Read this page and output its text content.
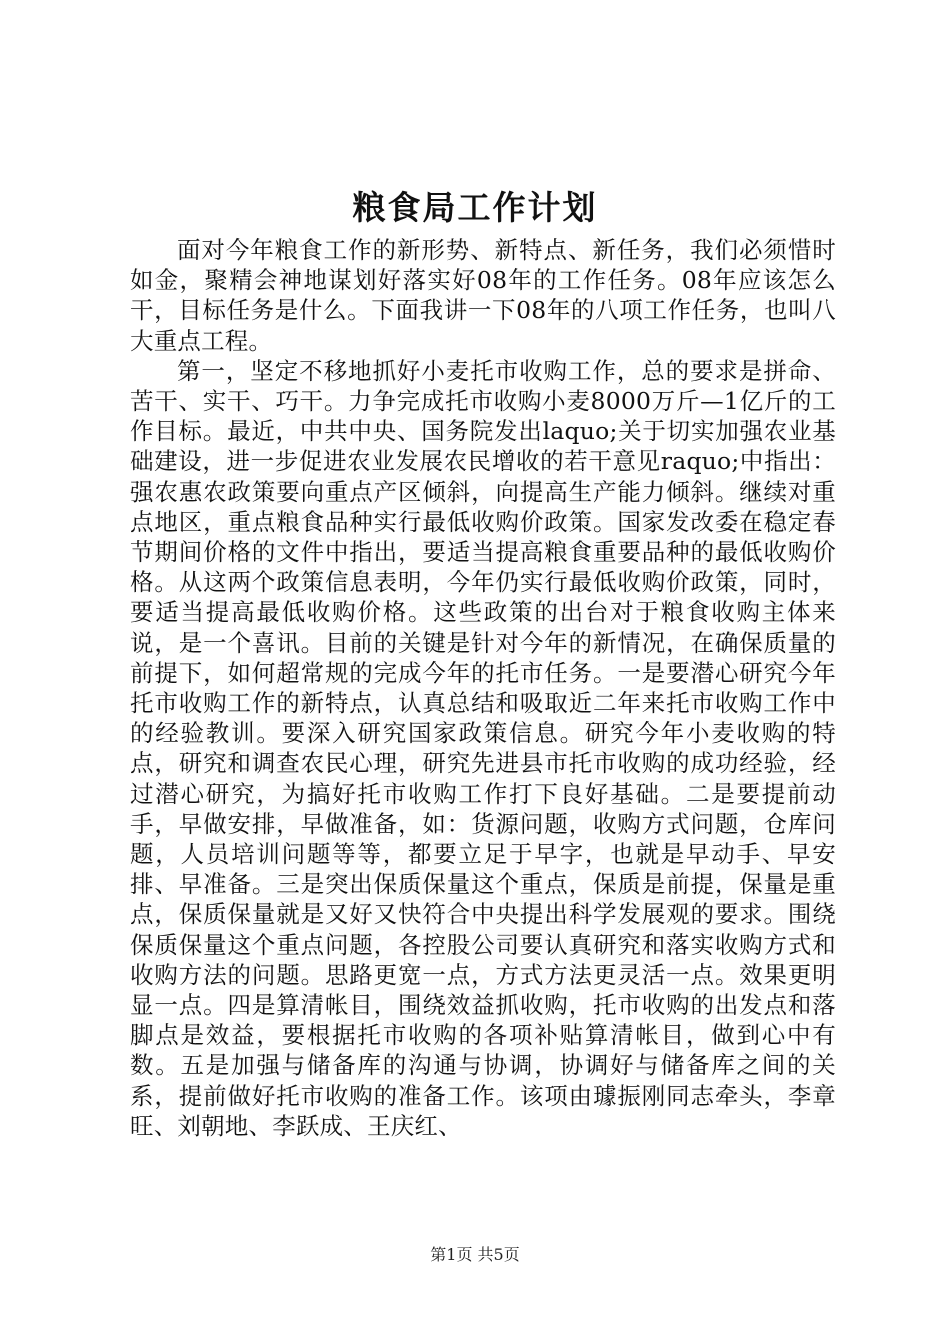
粮食局工作计划

面对今年粮食工作的新形势、新特点、新任务，我们必须惜时如金，聚精会神地谋划好落实好08年的工作任务。08年应该怎么干，目标任务是什么。下面我讲一下08年的八项工作任务，也叫八大重点工程。

第一，坚定不移地抓好小麦托市收购工作，总的要求是拼命、苦干、实干、巧干。力争完成托市收购小麦8000万斤—1亿斤的工作目标。最近，中共中央、国务院发出laquo;关于切实加强农业基础建设，进一步促进农业发展农民增收的若干意见raquo;中指出：强农惠农政策要向重点产区倾斜，向提高生产能力倾斜。继续对重点地区，重点粮食品种实行最低收购价政策。国家发改委在稳定春节期间价格的文件中指出，要适当提高粮食重要品种的最低收购价格。从这两个政策信息表明，今年仍实行最低收购价政策，同时，要适当提高最低收购价格。这些政策的出台对于粮食收购主体来说，是一个喜讯。目前的关键是针对今年的新情况，在确保质量的前提下，如何超常规的完成今年的托市任务。一是要潜心研究今年托市收购工作的新特点，认真总结和吸取近二年来托市收购工作中的经验教训。要深入研究国家政策信息。研究今年小麦收购的特点，研究和调查农民心理，研究先进县市托市收购的成功经验，经过潜心研究，为搞好托市收购工作打下良好基础。二是要提前动手，早做安排，早做准备，如：货源问题，收购方式问题，仓库问题，人员培训问题等等，都要立足于早字，也就是早动手、早安排、早准备。三是突出保质保量这个重点，保质是前提，保量是重点，保质保量就是又好又快符合中央提出科学发展观的要求。围绕保质保量这个重点问题，各控股公司要认真研究和落实收购方式和收购方法的问题。思路更宽一点，方式方法更灵活一点。效果更明显一点。四是算清帐目，围绕效益抓收购，托市收购的出发点和落脚点是效益，要根据托市收购的各项补贴算清帐目，做到心中有数。五是加强与储备库的沟通与协调，协调好与储备库之间的关系，提前做好托市收购的准备工作。该项由璩振刚同志牵头，李章旺、刘朝地、李跃成、王庆红、

第1页 共5页
